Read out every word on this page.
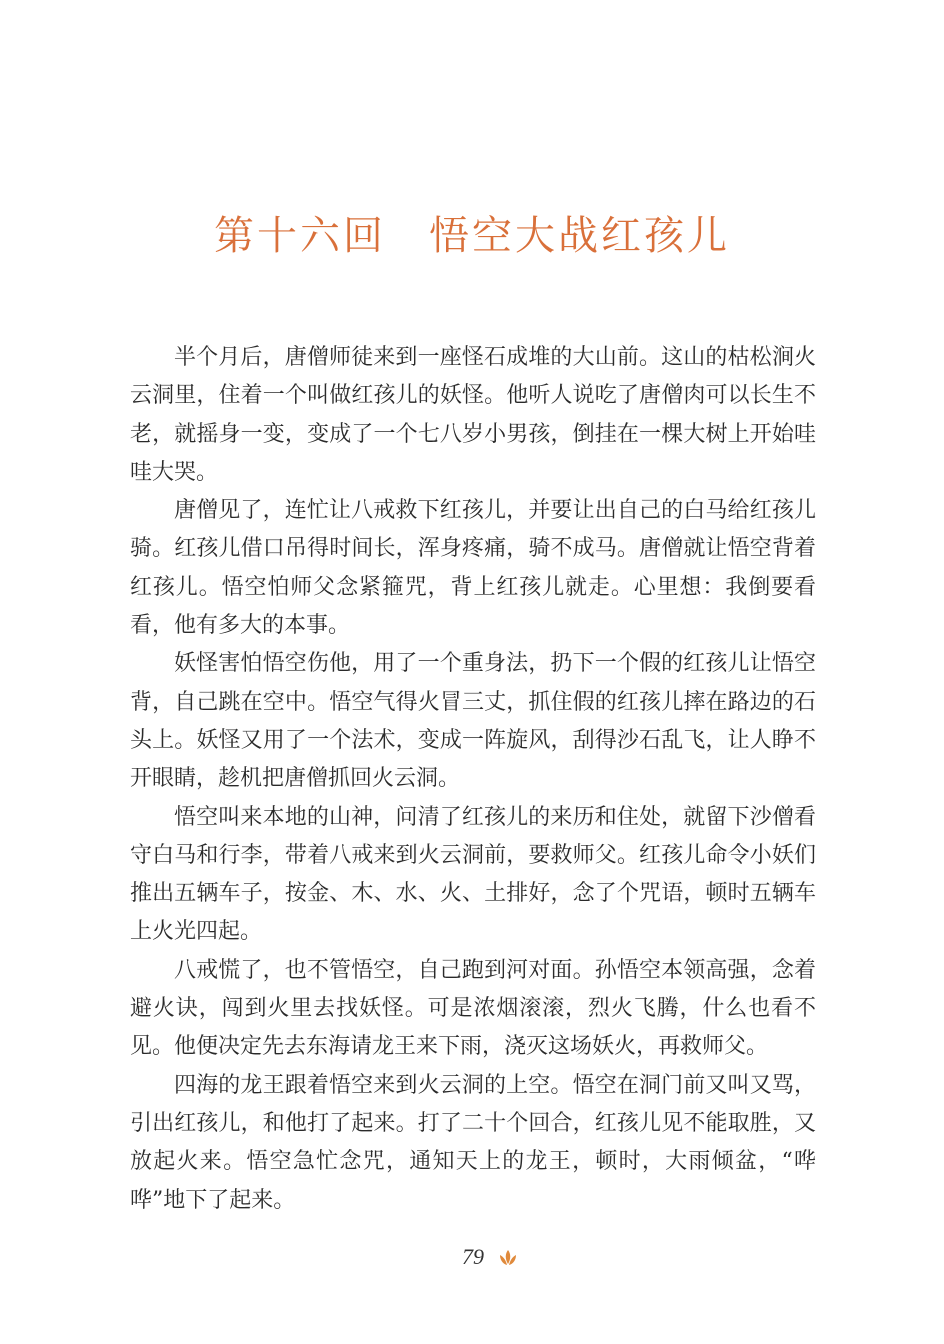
第十六回　悟空大战红孩儿

半个月后，唐僧师徒来到一座怪石成堆的大山前。这山的枯松涧火云洞里，住着一个叫做红孩儿的妖怪。他听人说吃了唐僧肉可以长生不老，就摇身一变，变成了一个七八岁小男孩，倒挂在一棵大树上开始哇哇大哭。

唐僧见了，连忙让八戒救下红孩儿，并要让出自己的白马给红孩儿骑。红孩儿借口吊得时间长，浑身疼痛，骑不成马。唐僧就让悟空背着红孩儿。悟空怕师父念紧箍咒，背上红孩儿就走。心里想：我倒要看看，他有多大的本事。

妖怪害怕悟空伤他，用了一个重身法，扔下一个假的红孩儿让悟空背，自己跳在空中。悟空气得火冒三丈，抓住假的红孩儿摔在路边的石头上。妖怪又用了一个法术，变成一阵旋风，刮得沙石乱飞，让人睁不开眼睛，趁机把唐僧抓回火云洞。

悟空叫来本地的山神，问清了红孩儿的来历和住处，就留下沙僧看守白马和行李，带着八戒来到火云洞前，要救师父。红孩儿命令小妖们推出五辆车子，按金、木、水、火、土排好，念了个咒语，顿时五辆车上火光四起。

八戒慌了，也不管悟空，自己跑到河对面。孙悟空本领高强，念着避火诀，闯到火里去找妖怪。可是浓烟滚滚，烈火飞腾，什么也看不见。他便决定先去东海请龙王来下雨，浇灭这场妖火，再救师父。

四海的龙王跟着悟空来到火云洞的上空。悟空在洞门前又叫又骂，引出红孩儿，和他打了起来。打了二十个回合，红孩儿见不能取胜，又放起火来。悟空急忙念咒，通知天上的龙王，顿时，大雨倾盆，“哗哗”地下了起来。

79
